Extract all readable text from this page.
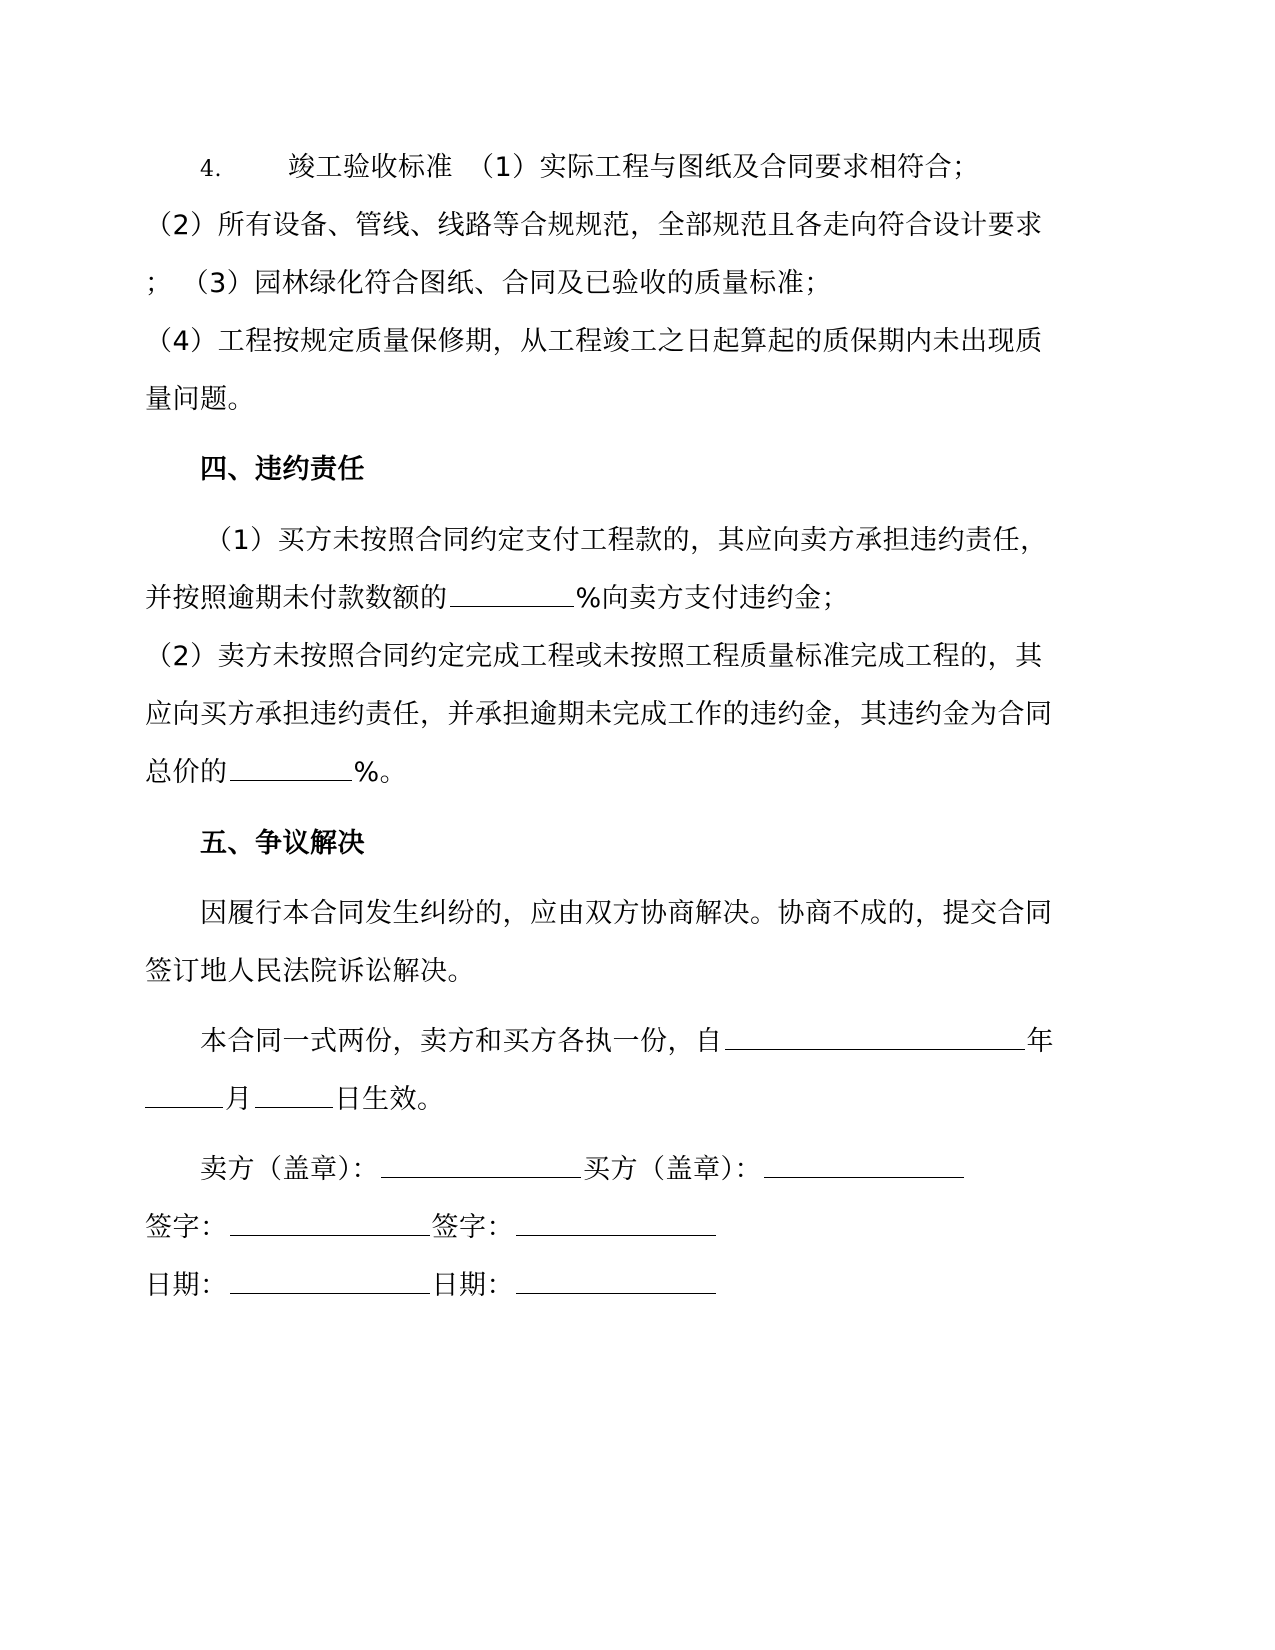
4. 竣工验收标准 （1）实际工程与图纸及合同要求相符合；
（2）所有设备、管线、线路等合规规范，全部规范且各走向符合设计要求
； （3）园林绿化符合图纸、合同及已验收的质量标准；
（4）工程按规定质量保修期，从工程竣工之日起算起的质保期内未出现质
量问题。
四、违约责任
（1）买方未按照合同约定支付工程款的，其应向卖方承担违约责任，
并按照逾期未付款数额的	%向卖方支付违约金；
（2）卖方未按照合同约定完成工程或未按照工程质量标准完成工程的，其
应向买方承担违约责任，并承担逾期未完成工作的违约金，其违约金为合同
总价的	%。
五、争议解决
因履行本合同发生纠纷的，应由双方协商解决。协商不成的，提交合同
签订地人民法院诉讼解决。
本合同一式两份，卖方和买方各执一份，自	年
月	日生效。
卖方（盖章）：	买方（盖章）：
签字：	签字：
日期：	日期：
